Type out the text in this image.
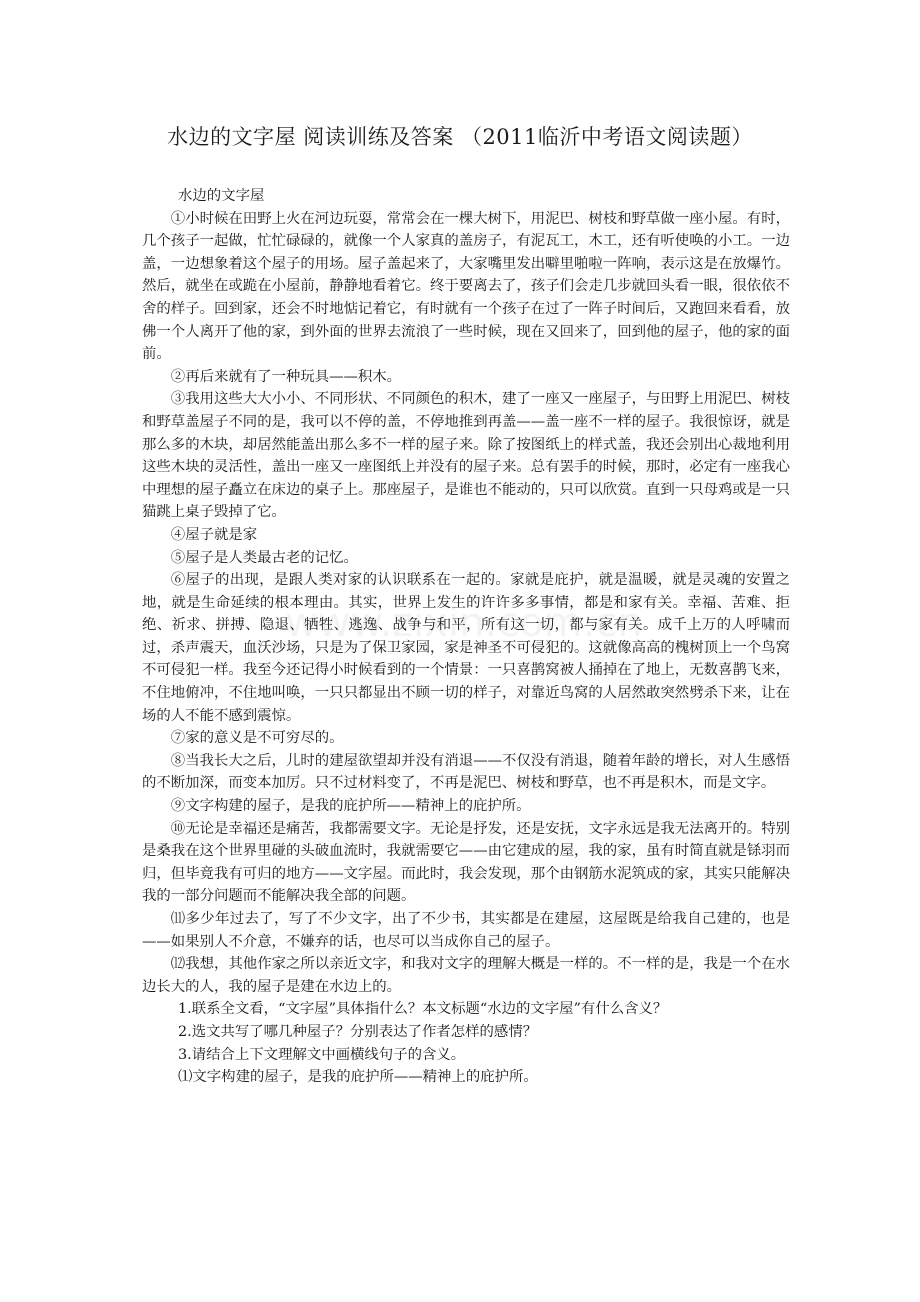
水边的文字屋 阅读训练及答案 （2011临沂中考语文阅读题）

水边的文字屋

①小时候在田野上火在河边玩耍，常常会在一棵大树下，用泥巴、树枝和野草做一座小屋。有时，几个孩子一起做，忙忙碌碌的，就像一个人家真的盖房子，有泥瓦工，木工，还有听使唤的小工。一边盖，一边想象着这个屋子的用场。屋子盖起来了，大家嘴里发出噼里啪啦一阵响，表示这是在放爆竹。然后，就坐在或跪在小屋前，静静地看着它。终于要离去了，孩子们会走几步就回头看一眼，很依依不舍的样子。回到家，还会不时地惦记着它，有时就有一个孩子在过了一阵子时间后，又跑回来看看，放佛一个人离开了他的家，到外面的世界去流浪了一些时候，现在又回来了，回到他的屋子，他的家的面前。

②再后来就有了一种玩具——积木。

③我用这些大大小小、不同形状、不同颜色的积木，建了一座又一座屋子，与田野上用泥巴、树枝和野草盖屋子不同的是，我可以不停的盖，不停地推到再盖——盖一座不一样的屋子。我很惊讶，就是那么多的木块，却居然能盖出那么多不一样的屋子来。除了按图纸上的样式盖，我还会别出心裁地利用这些木块的灵活性，盖出一座又一座图纸上并没有的屋子来。总有罢手的时候，那时，必定有一座我心中理想的屋子矗立在床边的桌子上。那座屋子，是谁也不能动的，只可以欣赏。直到一只母鸡或是一只猫跳上桌子毁掉了它。

④屋子就是家

⑤屋子是人类最古老的记忆。

⑥屋子的出现，是跟人类对家的认识联系在一起的。家就是庇护，就是温暖，就是灵魂的安置之地，就是生命延续的根本理由。其实，世界上发生的许许多多事情，都是和家有关。幸福、苦难、拒绝、祈求、拼搏、隐退、牺牲、逃逸、战争与和平，所有这一切，都与家有关。成千上万的人呼啸而过，杀声震天，血沃沙场，只是为了保卫家园，家是神圣不可侵犯的。这就像高高的槐树顶上一个鸟窝不可侵犯一样。我至今还记得小时候看到的一个情景：一只喜鹊窝被人捅掉在了地上，无数喜鹊飞来，不住地俯冲，不住地叫唤，一只只都显出不顾一切的样子，对靠近鸟窝的人居然敢突然劈杀下来，让在场的人不能不感到震惊。

⑦家的意义是不可穷尽的。

⑧当我长大之后，儿时的建屋欲望却并没有消退——不仅没有消退，随着年龄的增长，对人生感悟的不断加深，而变本加厉。只不过材料变了，不再是泥巴、树枝和野草，也不再是积木，而是文字。

⑨文字构建的屋子，是我的庇护所——精神上的庇护所。

⑩无论是幸福还是痛苦，我都需要文字。无论是抒发，还是安抚，文字永远是我无法离开的。特别是桑我在这个世界里碰的头破血流时，我就需要它——由它建成的屋，我的家，虽有时简直就是铩羽而归，但毕竟我有可归的地方——文字屋。而此时，我会发现，那个由钢筋水泥筑成的家，其实只能解决我的一部分问题而不能解决我全部的问题。

⑾多少年过去了，写了不少文字，出了不少书，其实都是在建屋，这屋既是给我自己建的，也是——如果别人不介意，不嫌弃的话，也尽可以当成你自己的屋子。

⑿我想，其他作家之所以亲近文字，和我对文字的理解大概是一样的。不一样的是，我是一个在水边长大的人，我的屋子是建在水边上的。

1.联系全文看，“文字屋”具体指什么？本文标题“水边的文字屋”有什么含义？

2.选文共写了哪几种屋子？分别表达了作者怎样的感情？

3.请结合上下文理解文中画横线句子的含义。

⑴文字构建的屋子，是我的庇护所——精神上的庇护所。
